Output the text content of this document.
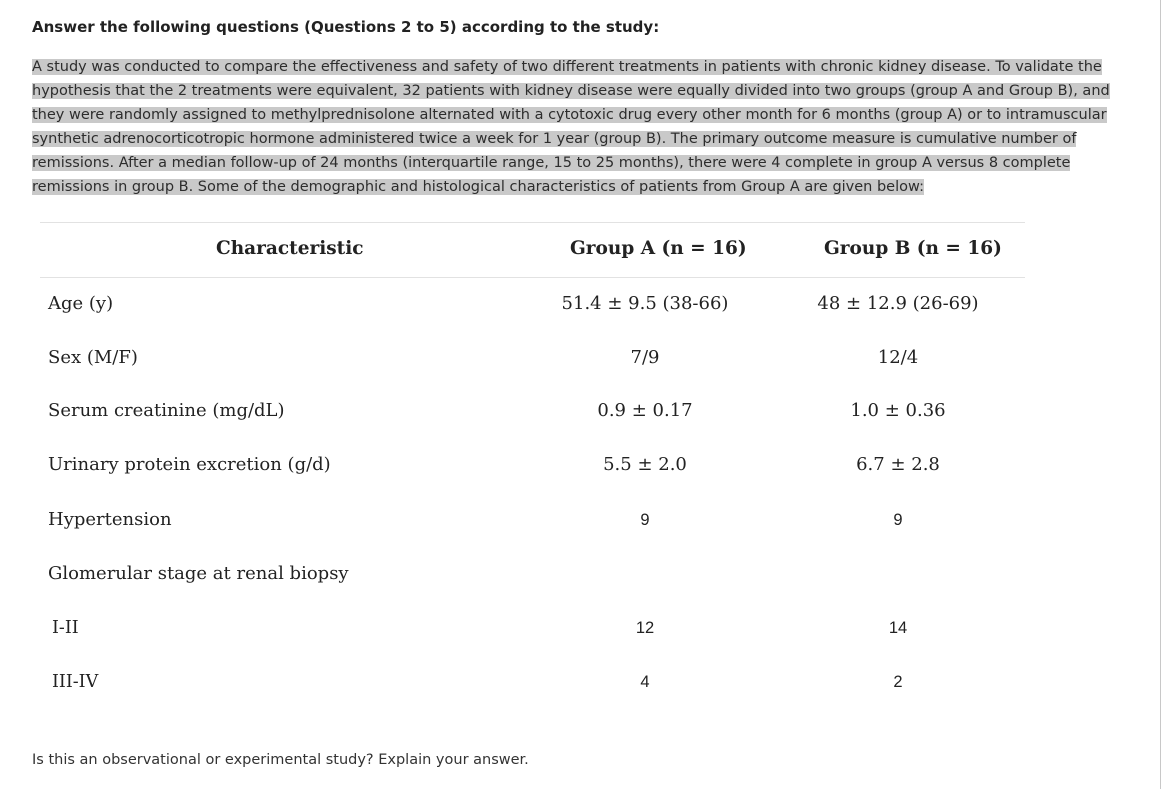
Answer the following questions (Questions 2 to 5) according to the study:
A study was conducted to compare the effectiveness and safety of two different treatments in patients with chronic kidney disease. To validate the hypothesis that the 2 treatments were equivalent, 32 patients with kidney disease were equally divided into two groups (group A and Group B), and they were randomly assigned to methylprednisolone alternated with a cytotoxic drug every other month for 6 months (group A) or to intramuscular synthetic adrenocorticotropic hormone administered twice a week for 1 year (group B). The primary outcome measure is cumulative number of remissions. After a median follow-up of 24 months (interquartile range, 15 to 25 months), there were 4 complete in group A versus 8 complete remissions in group B. Some of the demographic and histological characteristics of patients from Group A are given below:
Characteristic	Group A (n = 16)	Group B (n = 16)
Age (y)	51.4 ± 9.5 (38-66)	48 ± 12.9 (26-69)
Sex (M/F)	7/9	12/4
Serum creatinine (mg/dL)	0.9 ± 0.17	1.0 ± 0.36
Urinary protein excretion (g/d)	5.5 ± 2.0	6.7 ± 2.8
Hypertension	9	9
Glomerular stage at renal biopsy
I-II	12	14
III-IV	4	2
Is this an observational or experimental study? Explain your answer.
